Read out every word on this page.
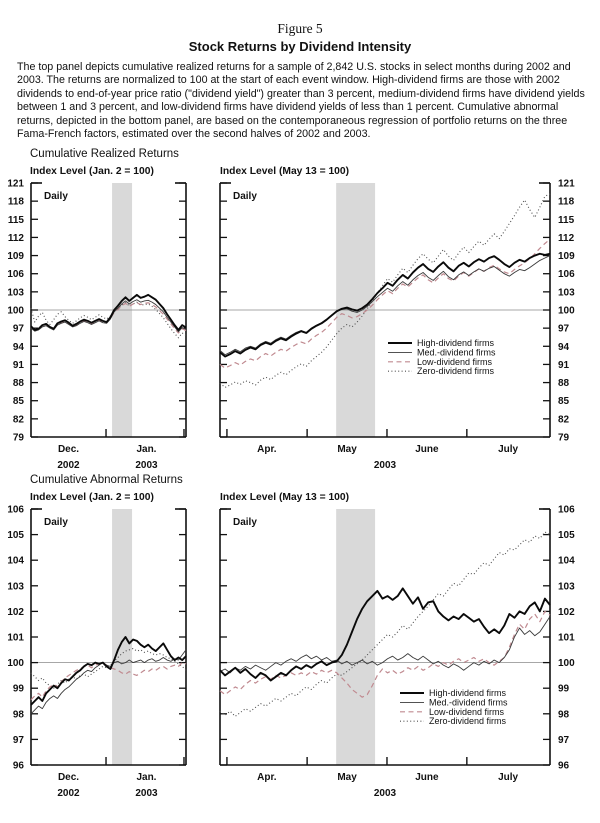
Figure 5
Stock Returns by Dividend Intensity

The top panel depicts cumulative realized returns for a sample of 2,842 U.S. stocks in select months during 2002 and 2003. The returns are normalized to 100 at the start of each event window. High-dividend firms are those with 2002 dividends to end-of-year price ratio ("dividend yield") greater than 3 percent, medium-dividend firms have dividend yields between 1 and 3 percent, and low-dividend firms have dividend yields of less than 1 percent. Cumulative abnormal returns, depicted in the bottom panel, are based on the contemporaneous regression of portfolio returns on the three Fama-French factors, estimated over the second halves of 2002 and 2003.

Cumulative Realized Returns
Index Level (Jan. 2 = 100)	Index Level (May 13 = 100)
Cumulative Abnormal Returns
Index Level (Jan. 2 = 100)	Index Level (May 13 = 100)
121
118
115
112
109
106
103
100
97
94
91
88
85
82
79
Dec.
2002
Jan.
2003
Daily
121
118
115
112
109
106
103
100
97
94
91
88
85
82
79
Apr.	May	June	July
2003
Daily
High-dividend firms
Med.-dividend firms
Low-dividend firms
Zero-dividend firms
106
105
104
103
102
101
100
99
98
97
96
Dec.
2002
Jan.
2003
Daily
106
105
104
103
102
101
100
99
98
97
96
Apr.	May	June	July
2003
Daily
High-dividend firms
Med.-dividend firms
Low-dividend firms
Zero-dividend firms
